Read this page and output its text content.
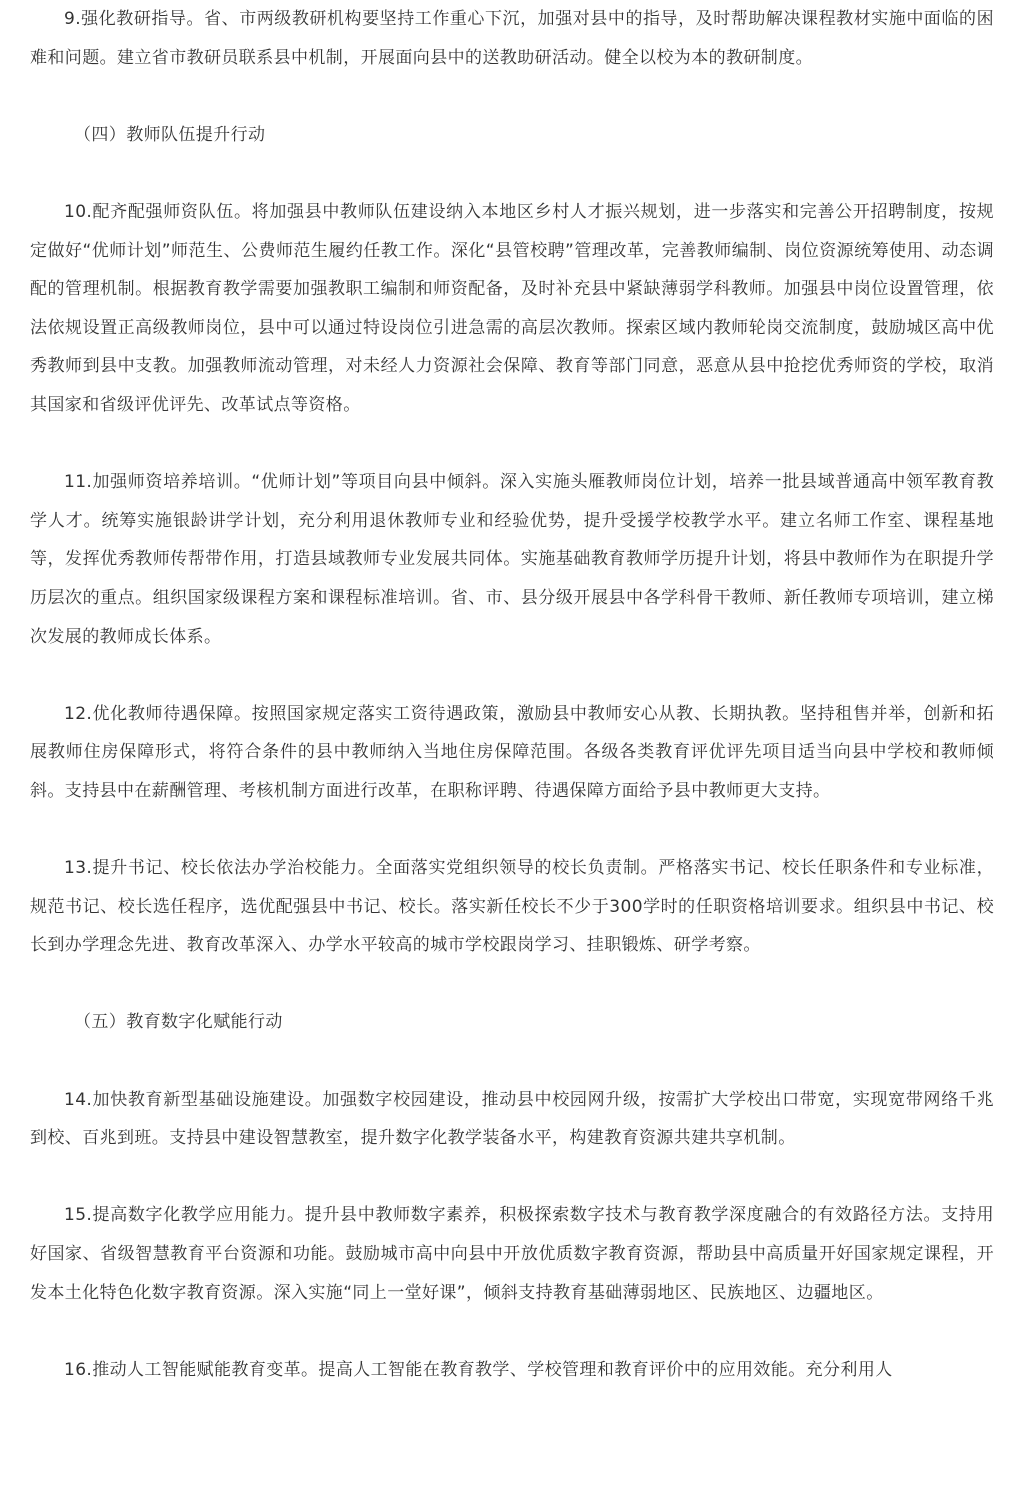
9.强化教研指导。省、市两级教研机构要坚持工作重心下沉，加强对县中的指导，及时帮助解决课程教材实施中面临的困难和问题。建立省市教研员联系县中机制，开展面向县中的送教助研活动。健全以校为本的教研制度。

（四）教师队伍提升行动

10.配齐配强师资队伍。将加强县中教师队伍建设纳入本地区乡村人才振兴规划，进一步落实和完善公开招聘制度，按规定做好“优师计划”师范生、公费师范生履约任教工作。深化“县管校聘”管理改革，完善教师编制、岗位资源统筹使用、动态调配的管理机制。根据教育教学需要加强教职工编制和师资配备，及时补充县中紧缺薄弱学科教师。加强县中岗位设置管理，依法依规设置正高级教师岗位，县中可以通过特设岗位引进急需的高层次教师。探索区域内教师轮岗交流制度，鼓励城区高中优秀教师到县中支教。加强教师流动管理，对未经人力资源社会保障、教育等部门同意，恶意从县中抢挖优秀师资的学校，取消其国家和省级评优评先、改革试点等资格。

11.加强师资培养培训。“优师计划”等项目向县中倾斜。深入实施头雁教师岗位计划，培养一批县域普通高中领军教育教学人才。统筹实施银龄讲学计划，充分利用退休教师专业和经验优势，提升受援学校教学水平。建立名师工作室、课程基地等，发挥优秀教师传帮带作用，打造县域教师专业发展共同体。实施基础教育教师学历提升计划，将县中教师作为在职提升学历层次的重点。组织国家级课程方案和课程标准培训。省、市、县分级开展县中各学科骨干教师、新任教师专项培训，建立梯次发展的教师成长体系。

12.优化教师待遇保障。按照国家规定落实工资待遇政策，激励县中教师安心从教、长期执教。坚持租售并举，创新和拓展教师住房保障形式，将符合条件的县中教师纳入当地住房保障范围。各级各类教育评优评先项目适当向县中学校和教师倾斜。支持县中在薪酬管理、考核机制方面进行改革，在职称评聘、待遇保障方面给予县中教师更大支持。

13.提升书记、校长依法办学治校能力。全面落实党组织领导的校长负责制。严格落实书记、校长任职条件和专业标准，规范书记、校长选任程序，选优配强县中书记、校长。落实新任校长不少于300学时的任职资格培训要求。组织县中书记、校长到办学理念先进、教育改革深入、办学水平较高的城市学校跟岗学习、挂职锻炼、研学考察。

（五）教育数字化赋能行动

14.加快教育新型基础设施建设。加强数字校园建设，推动县中校园网升级，按需扩大学校出口带宽，实现宽带网络千兆到校、百兆到班。支持县中建设智慧教室，提升数字化教学装备水平，构建教育资源共建共享机制。

15.提高数字化教学应用能力。提升县中教师数字素养，积极探索数字技术与教育教学深度融合的有效路径方法。支持用好国家、省级智慧教育平台资源和功能。鼓励城市高中向县中开放优质数字教育资源，帮助县中高质量开好国家规定课程，开发本土化特色化数字教育资源。深入实施“同上一堂好课”，倾斜支持教育基础薄弱地区、民族地区、边疆地区。

16.推动人工智能赋能教育变革。提高人工智能在教育教学、学校管理和教育评价中的应用效能。充分利用人
